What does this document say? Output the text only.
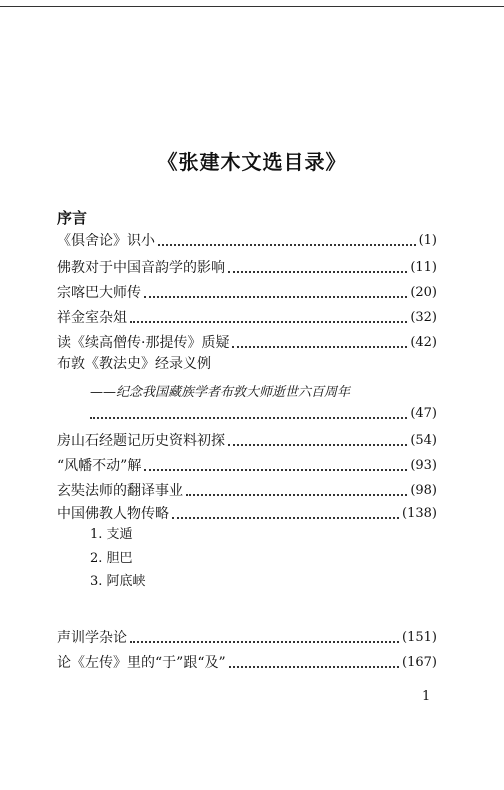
《张建木文选目录》
序言
《俱舍论》识小	(1)
佛教对于中国音韵学的影响	(11)
宗喀巴大师传	(20)
祥金室杂俎	(32)
读《续高僧传·那提传》质疑	(42)
布敦《教法史》经录义例
——纪念我国藏族学者布敦大师逝世六百周年
(47)
房山石经题记历史资料初探	(54)
“风幡不动”解	(93)
玄奘法师的翻译事业	(98)
中国佛教人物传略	(138)
1. 支遁
2. 胆巴
3. 阿底峡
声训学杂论	(151)
论《左传》里的“于”跟“及”	(167)
1
